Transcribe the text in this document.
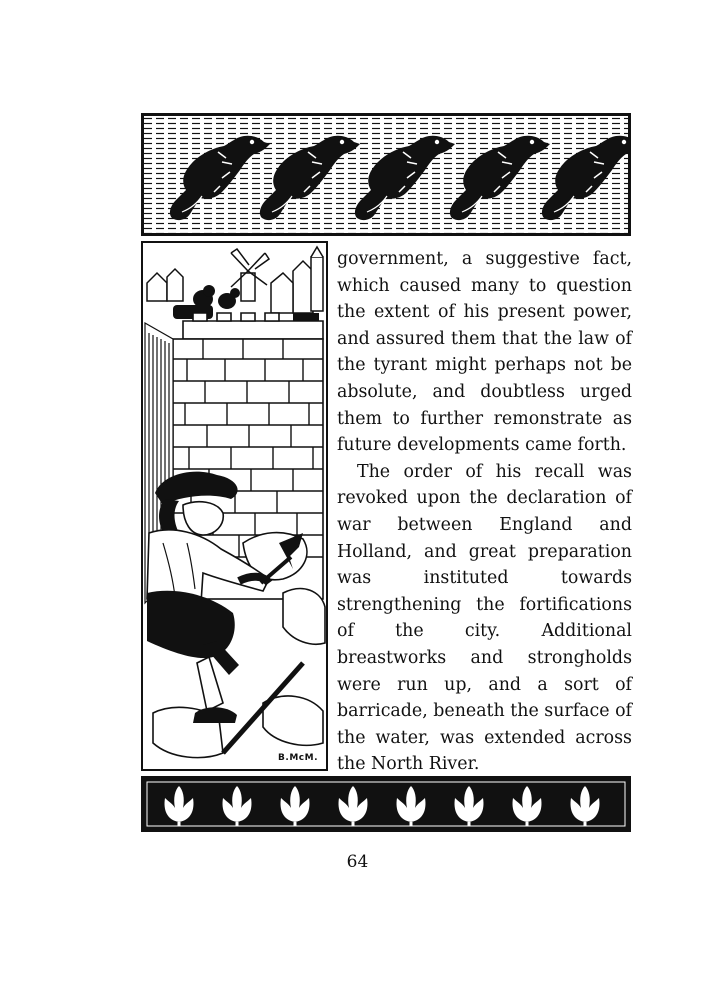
B.McM.

government, a suggestive fact, which caused many to question the extent of his present power, and assured them that the law of the tyrant might perhaps not be absolute, and doubtless urged them to further remonstrate as future developments came forth.

The order of his recall was revoked upon the declaration of war between England and Holland, and great preparation was instituted towards strengthening the fortifications of the city. Additional breastworks and strongholds were run up, and a sort of barricade, beneath the surface of the water, was extended across the North River.

64
